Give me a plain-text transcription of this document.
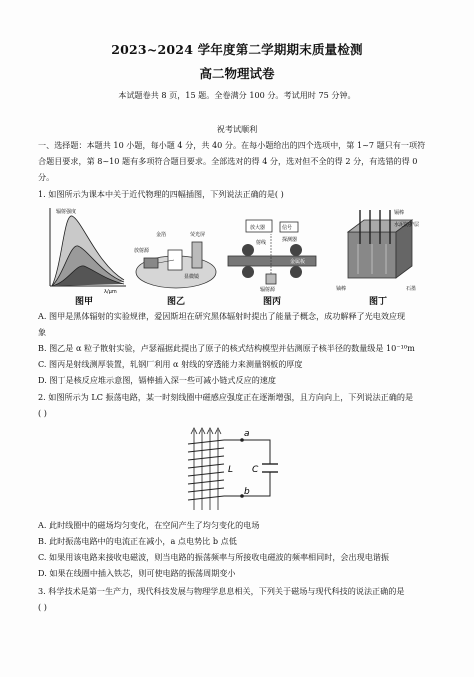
2023~2024 学年度第二学期期末质量检测
高二物理试卷
本试题卷共 8 页，15 题。全卷满分 100 分。考试用时 75 分钟。
祝考试顺利
一、选择题：本题共 10 小题，每小题 4 分，共 40 分。在每小题给出的四个选项中，第 1~7 题只有一项符
合题目要求，第 8~10 题有多项符合题目要求。全部选对的得 4 分，选对但不全的得 2 分，有选错的得 0
分。
1. 如图所示为课本中关于近代物理的四幅插图，下列说法正确的是( )
辐射强度
λ/μm
图甲
金箔	荧光屏
放射源
显微镜
图乙
放大器	信号
探测器
射线
金属板
辐射源
图丙
铀棒
水泥防护层
镉棒
石墨
图丁
A. 图甲是黑体辐射的实验规律，爱因斯坦在研究黑体辐射时提出了能量子概念，成功解释了光电效应现
象
B. 图乙是 α 粒子散射实验，卢瑟福据此提出了原子的核式结构模型并估测原子核半径的数量级是 10⁻¹⁰m
C. 图丙是射线测厚装置，轧钢厂利用 α 射线的穿透能力来测量钢板的厚度
D. 图丁是核反应堆示意图，镉棒插入深一些可减小链式反应的速度
2. 如图所示为 LC 振荡电路，某一时刻线圈中磁感应强度正在逐渐增强，且方向向上，下列说法正确的是
( )
a
b
L C
A. 此时线圈中的磁场均匀变化，在空间产生了均匀变化的电场
B. 此时振荡电路中的电流正在减小，a 点电势比 b 点低
C. 如果用该电路来接收电磁波，则当电路的振荡频率与所接收电磁波的频率相同时，会出现电谐振
D. 如果在线圈中插入铁芯，则可使电路的振荡周期变小
3. 科学技术是第一生产力，现代科技发展与物理学息息相关，下列关于磁场与现代科技的说法正确的是
( )
